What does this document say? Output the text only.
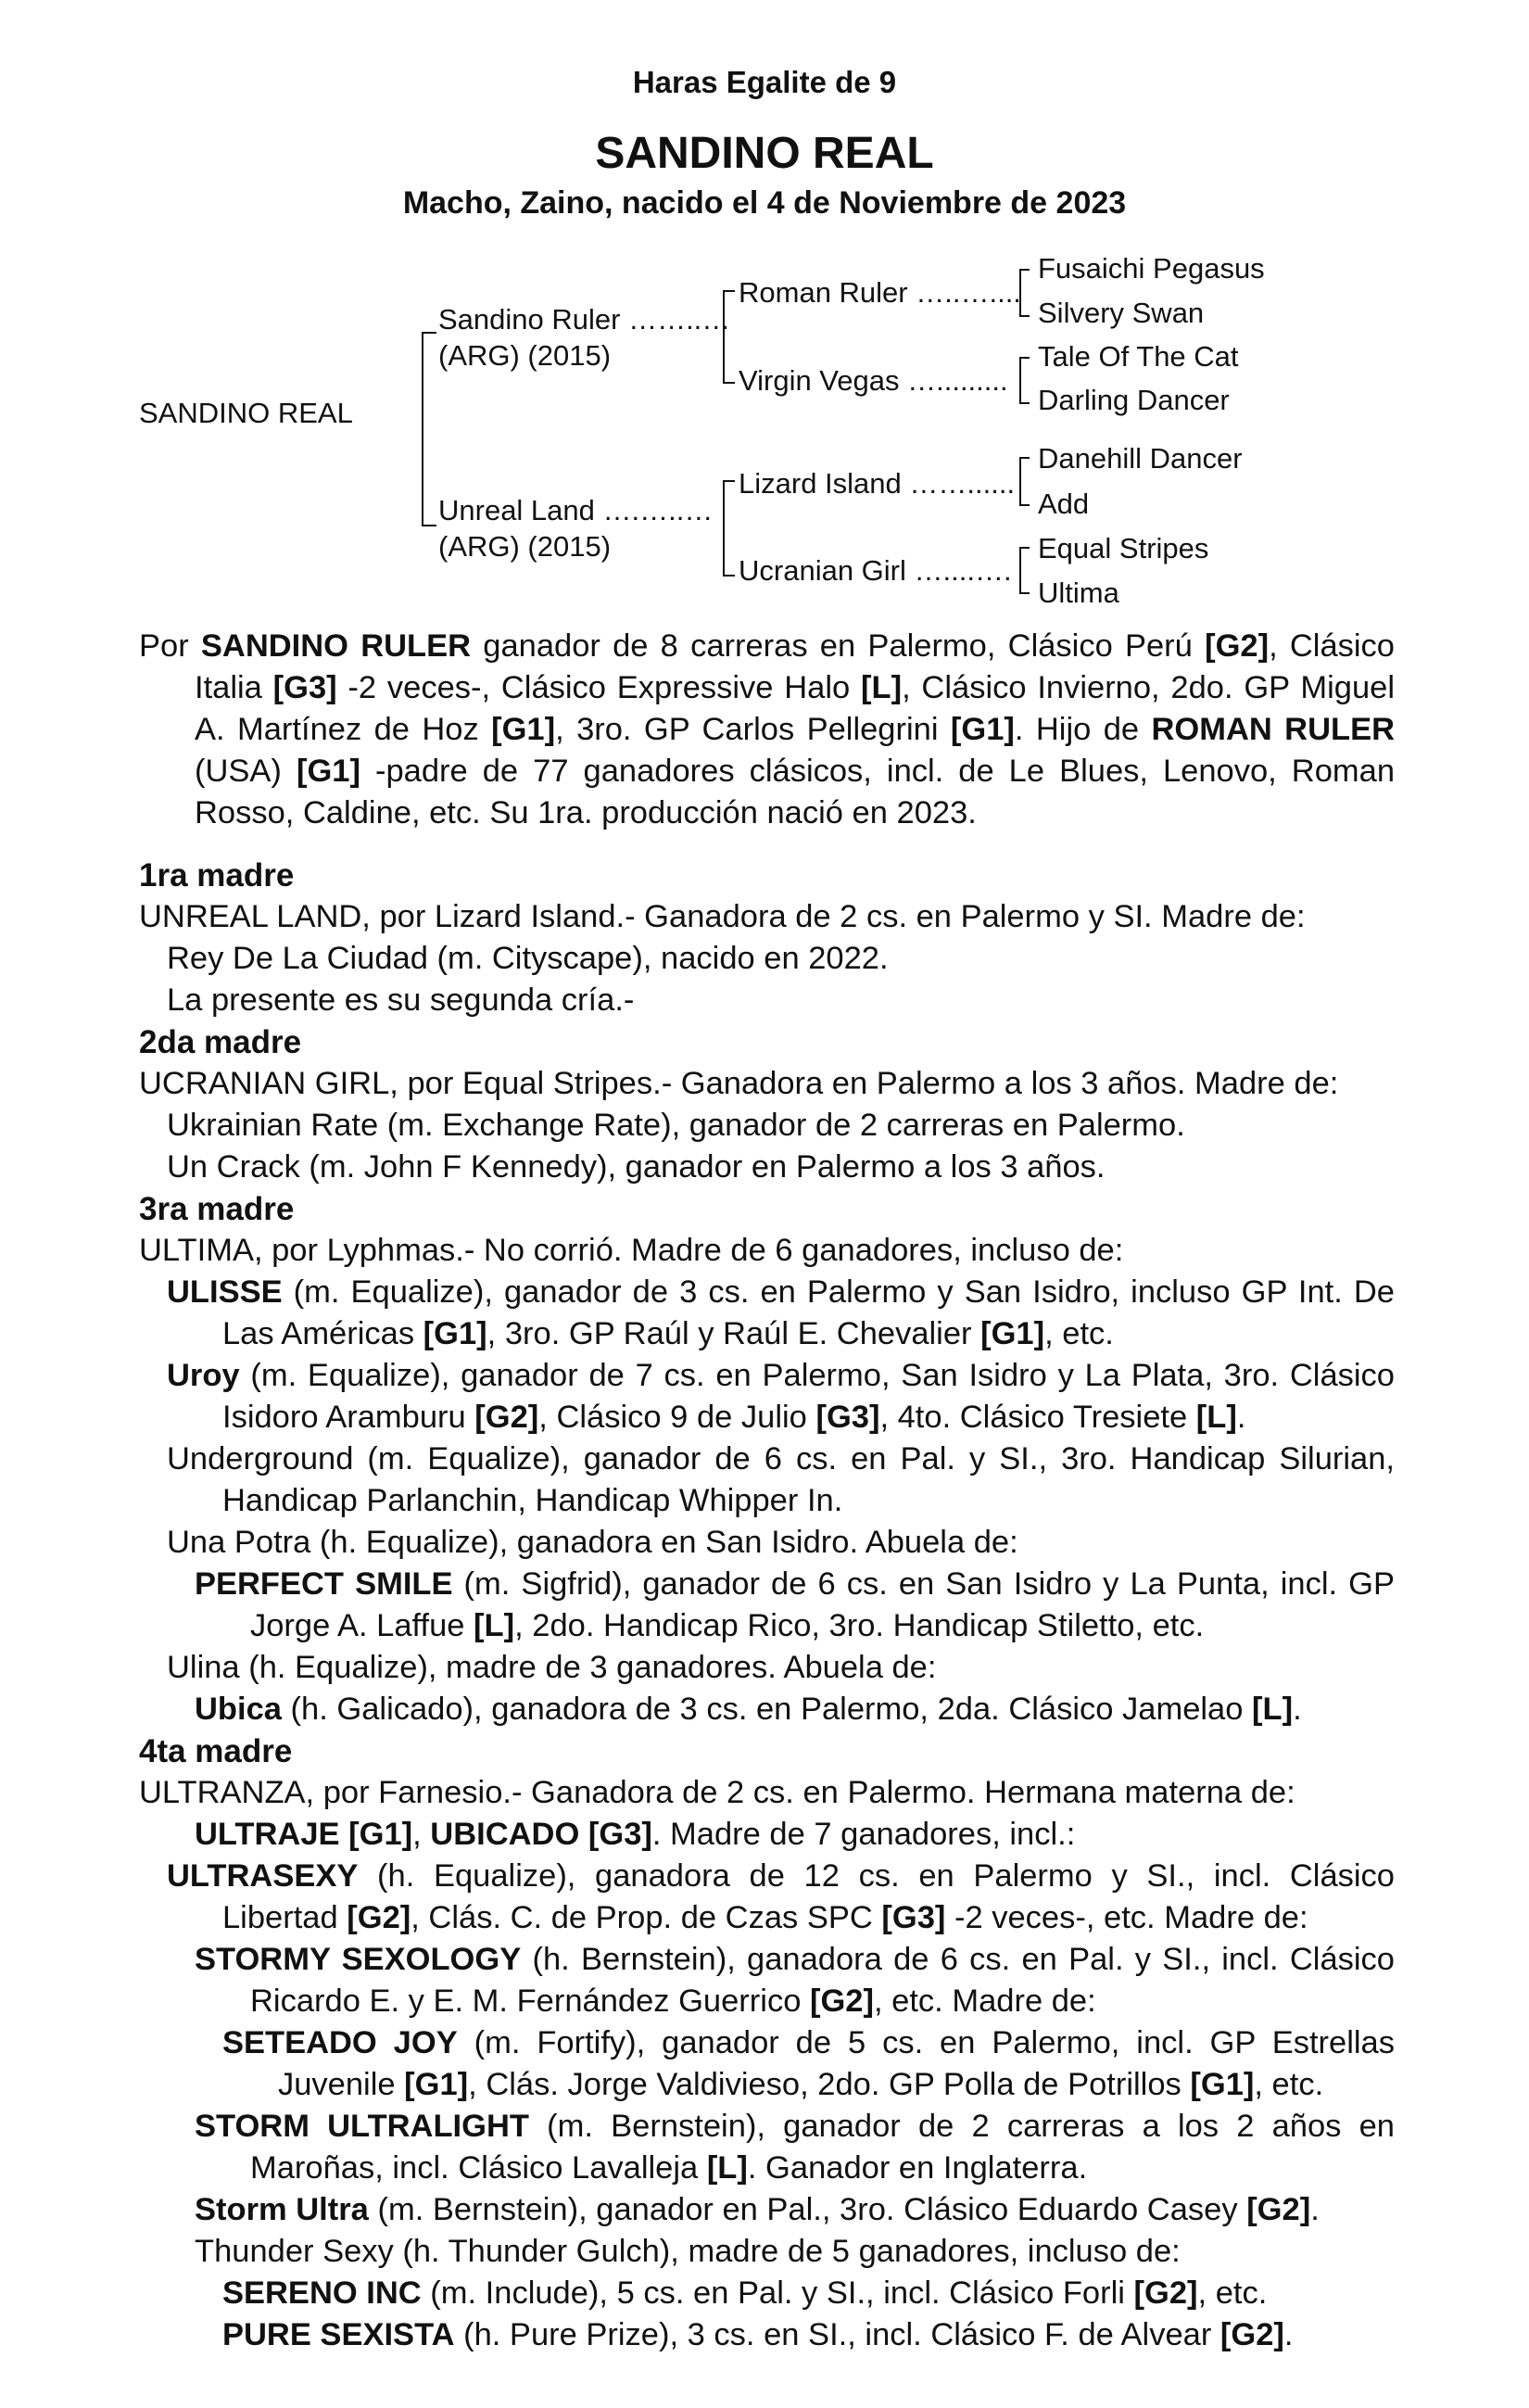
Haras Egalite de 9
SANDINO REAL
Macho, Zaino, nacido el 4 de Noviembre de 2023
SANDINO REAL
Sandino Ruler ……..…
(ARG) (2015)
Unreal Land ….…..…
(ARG) (2015)
Roman Ruler …..…....
Virgin Vegas ….........
Lizard Island ……......
Ucranian Girl …....….
Fusaichi Pegasus
Silvery Swan
Tale Of The Cat
Darling Dancer
Danehill Dancer
Add
Equal Stripes
Ultima

Por SANDINO RULER ganador de 8 carreras en Palermo, Clásico Perú [G2], Clásico Italia [G3] -2 veces-, Clásico Expressive Halo [L], Clásico Invierno, 2do. GP Miguel A. Martínez de Hoz [G1], 3ro. GP Carlos Pellegrini [G1]. Hijo de ROMAN RULER (USA) [G1] -padre de 77 ganadores clásicos, incl. de Le Blues, Lenovo, Roman Rosso, Caldine, etc. Su 1ra. producción nació en 2023.

1ra madre

UNREAL LAND, por Lizard Island.- Ganadora de 2 cs. en Palermo y SI. Madre de:

Rey De La Ciudad (m. Cityscape), nacido en 2022.

La presente es su segunda cría.-

2da madre

UCRANIAN GIRL, por Equal Stripes.- Ganadora en Palermo a los 3 años. Madre de:

Ukrainian Rate (m. Exchange Rate), ganador de 2 carreras en Palermo.

Un Crack (m. John F Kennedy), ganador en Palermo a los 3 años.

3ra madre

ULTIMA, por Lyphmas.- No corrió. Madre de 6 ganadores, incluso de:

ULISSE (m. Equalize), ganador de 3 cs. en Palermo y San Isidro, incluso GP Int. De Las Américas [G1], 3ro. GP Raúl y Raúl E. Chevalier [G1], etc.

Uroy (m. Equalize), ganador de 7 cs. en Palermo, San Isidro y La Plata, 3ro. Clásico Isidoro Aramburu [G2], Clásico 9 de Julio [G3], 4to. Clásico Tresiete [L].

Underground (m. Equalize), ganador de 6 cs. en Pal. y SI., 3ro. Handicap Silurian, Handicap Parlanchin, Handicap Whipper In.

Una Potra (h. Equalize), ganadora en San Isidro. Abuela de:

PERFECT SMILE (m. Sigfrid), ganador de 6 cs. en San Isidro y La Punta, incl. GP Jorge A. Laffue [L], 2do. Handicap Rico, 3ro. Handicap Stiletto, etc.

Ulina (h. Equalize), madre de 3 ganadores. Abuela de:

Ubica (h. Galicado), ganadora de 3 cs. en Palermo, 2da. Clásico Jamelao [L].

4ta madre

ULTRANZA, por Farnesio.- Ganadora de 2 cs. en Palermo. Hermana materna de:

ULTRAJE [G1], UBICADO [G3]. Madre de 7 ganadores, incl.:

ULTRASEXY (h. Equalize), ganadora de 12 cs. en Palermo y SI., incl. Clásico Libertad [G2], Clás. C. de Prop. de Czas SPC [G3] -2 veces-, etc. Madre de:

STORMY SEXOLOGY (h. Bernstein), ganadora de 6 cs. en Pal. y SI., incl. Clásico Ricardo E. y E. M. Fernández Guerrico [G2], etc. Madre de:

SETEADO JOY (m. Fortify), ganador de 5 cs. en Palermo, incl. GP Estrellas Juvenile [G1], Clás. Jorge Valdivieso, 2do. GP Polla de Potrillos [G1], etc.

STORM ULTRALIGHT (m. Bernstein), ganador de 2 carreras a los 2 años en Maroñas, incl. Clásico Lavalleja [L]. Ganador en Inglaterra.

Storm Ultra (m. Bernstein), ganador en Pal., 3ro. Clásico Eduardo Casey [G2].

Thunder Sexy (h. Thunder Gulch), madre de 5 ganadores, incluso de:

SERENO INC (m. Include), 5 cs. en Pal. y SI., incl. Clásico Forli [G2], etc.

PURE SEXISTA (h. Pure Prize), 3 cs. en SI., incl. Clásico F. de Alvear [G2].
